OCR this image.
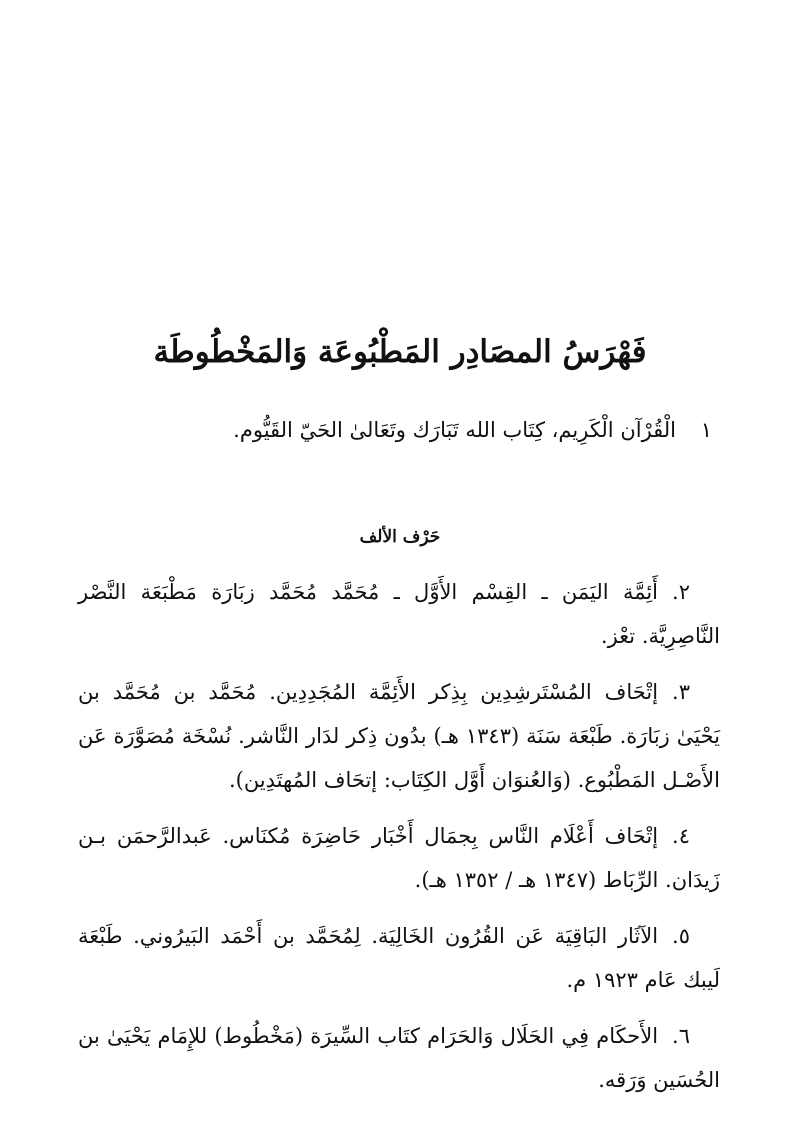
فَهْرَسُ المصَادِر المَطْبُوعَة وَالمَخْطُوطَة

١ الْقُرْآن الْكَرِيم، كِتَاب الله تَبَارَك وتَعَالىٰ الحَيّ القَيُّوم.

حَرْف الألف
٢.أَئِمَّة اليَمَن ـ القِسْم الأَوَّل ـ مُحَمَّد مُحَمَّد زبَارَة مَطْبَعَة النَّصْر النَّاصِرِيَّة. تعْز.
٣.إتْحَاف المُسْتَرشِدِين بِذِكر الأَئِمَّة المُجَدِدِين. مُحَمَّد بن مُحَمَّد بن يَحْيَىٰ زبَارَة. طَبْعَة سَنَة (١٣٤٣ هـ) بدُون ذِكر لدَار النَّاشر. نُسْخَة مُصَوَّرَة عَن الأَصْـل المَطْبُوع. (وَالعُنوَان أَوَّل الكِتَاب: إتحَاف المُهتَدِين).
٤.إتْحَاف أَعْلَام النَّاس بِجمَال أَخْبَار حَاضِرَة مُكنَاس. عَبدالرَّحمَن بـن زَيدَان. الرِّبَاط (١٣٤٧ هـ / ١٣٥٢ هـ).
٥.الآثَار البَاقِيَة عَن القُرُون الخَالِيَة. لِمُحَمَّد بن أَحْمَد البَيرُوني. طَبْعَة لَيبك عَام ١٩٢٣ م.
٦.الأَحكَام فِي الحَلَال وَالحَرَام كتَاب السِّيرَة (مَخْطُوط) للإِمَام يَحْيَىٰ بن الحُسَين وَرَقه.
